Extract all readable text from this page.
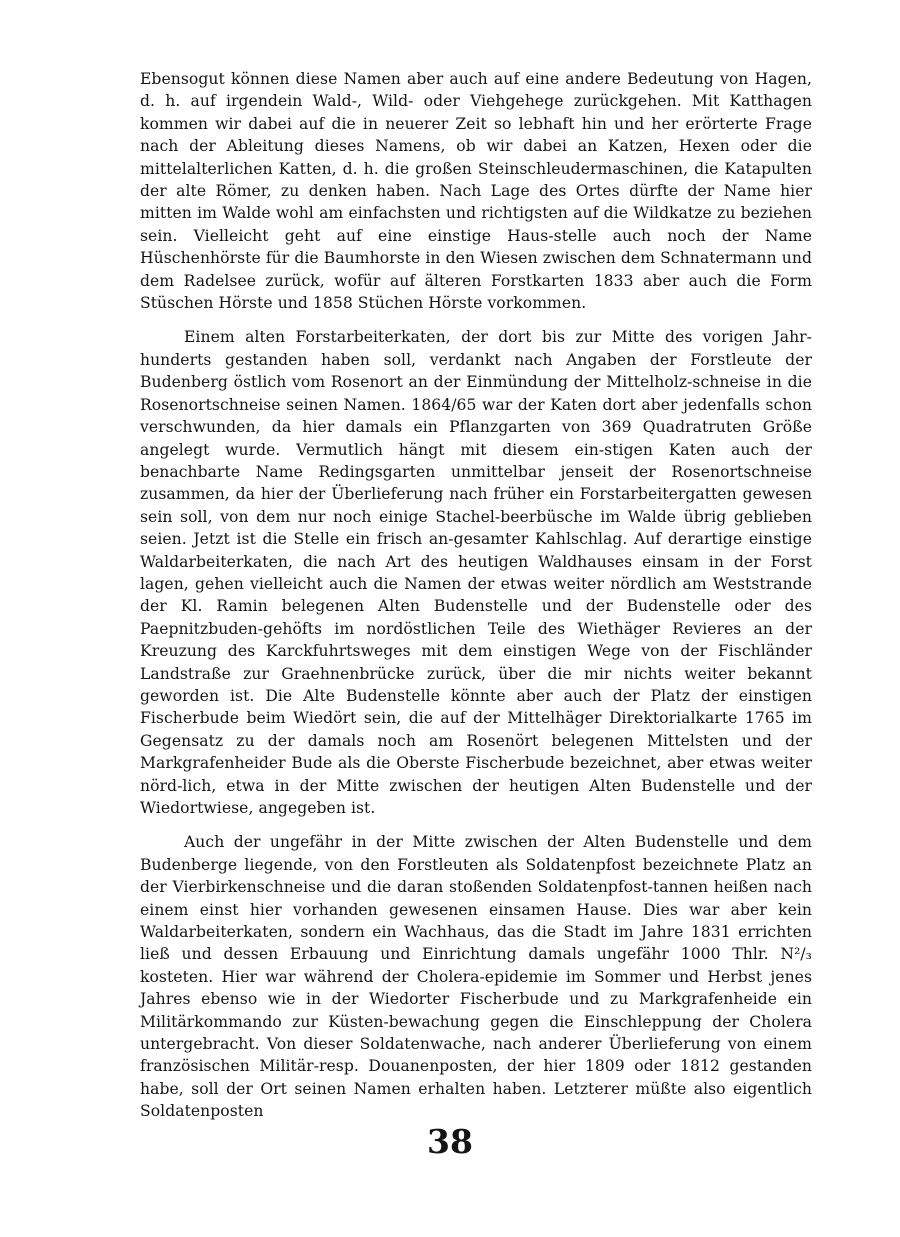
Ebensogut können diese Namen aber auch auf eine andere Bedeutung von Hagen, d. h. auf irgendein Wald-, Wild- oder Viehgehege zurückgehen. Mit Katthagen kommen wir dabei auf die in neuerer Zeit so lebhaft hin und her erörterte Frage nach der Ableitung dieses Namens, ob wir dabei an Katzen, Hexen oder die mittelalterlichen Katten, d. h. die großen Steinschleudermaschinen, die Katapulten der alte Römer, zu denken haben. Nach Lage des Ortes dürfte der Name hier mitten im Walde wohl am einfachsten und richtigsten auf die Wildkatze zu beziehen sein. Vielleicht geht auf eine einstige Haus-stelle auch noch der Name Hüschenhörste für die Baumhorste in den Wiesen zwischen dem Schnatermann und dem Radelsee zurück, wofür auf älteren Forstkarten 1833 aber auch die Form Stüschen Hörste und 1858 Stüchen Hörste vorkommen.

Einem alten Forstarbeiterkaten, der dort bis zur Mitte des vorigen Jahr-hunderts gestanden haben soll, verdankt nach Angaben der Forstleute der Budenberg östlich vom Rosenort an der Einmündung der Mittelholz-schneise in die Rosenortschneise seinen Namen. 1864/65 war der Katen dort aber jedenfalls schon verschwunden, da hier damals ein Pflanzgarten von 369 Quadratruten Größe angelegt wurde. Vermutlich hängt mit diesem ein-stigen Katen auch der benachbarte Name Redingsgarten unmittelbar jenseit der Rosenortschneise zusammen, da hier der Überlieferung nach früher ein Forstarbeitergatten gewesen sein soll, von dem nur noch einige Stachel-beerbüsche im Walde übrig geblieben seien. Jetzt ist die Stelle ein frisch an-gesamter Kahlschlag. Auf derartige einstige Waldarbeiterkaten, die nach Art des heutigen Waldhauses einsam in der Forst lagen, gehen vielleicht auch die Namen der etwas weiter nördlich am Weststrande der Kl. Ramin belegenen Alten Budenstelle und der Budenstelle oder des Paepnitzbuden-gehöfts im nordöstlichen Teile des Wiethäger Revieres an der Kreuzung des Karckfuhrtsweges mit dem einstigen Wege von der Fischländer Landstraße zur Graehnenbrücke zurück, über die mir nichts weiter bekannt geworden ist. Die Alte Budenstelle könnte aber auch der Platz der einstigen Fischerbude beim Wiedört sein, die auf der Mittelhäger Direktorialkarte 1765 im Gegensatz zu der damals noch am Rosenört belegenen Mittelsten und der Markgrafenheider Bude als die Oberste Fischerbude bezeichnet, aber etwas weiter nörd-lich, etwa in der Mitte zwischen der heutigen Alten Budenstelle und der Wiedortwiese, angegeben ist.

Auch der ungefähr in der Mitte zwischen der Alten Budenstelle und dem Budenberge liegende, von den Forstleuten als Soldatenpfost bezeichnete Platz an der Vierbirkenschneise und die daran stoßenden Soldatenpfost-tannen heißen nach einem einst hier vorhanden gewesenen einsamen Hause. Dies war aber kein Waldarbeiterkaten, sondern ein Wachhaus, das die Stadt im Jahre 1831 errichten ließ und dessen Erbauung und Einrichtung damals ungefähr 1000 Thlr. N²/₃ kosteten. Hier war während der Cholera-epidemie im Sommer und Herbst jenes Jahres ebenso wie in der Wiedorter Fischerbude und zu Markgrafenheide ein Militärkommando zur Küsten-bewachung gegen die Einschleppung der Cholera untergebracht. Von dieser Soldatenwache, nach anderer Überlieferung von einem französischen Militär-resp. Douanenposten, der hier 1809 oder 1812 gestanden habe, soll der Ort seinen Namen erhalten haben. Letzterer müßte also eigentlich Soldatenposten

38
